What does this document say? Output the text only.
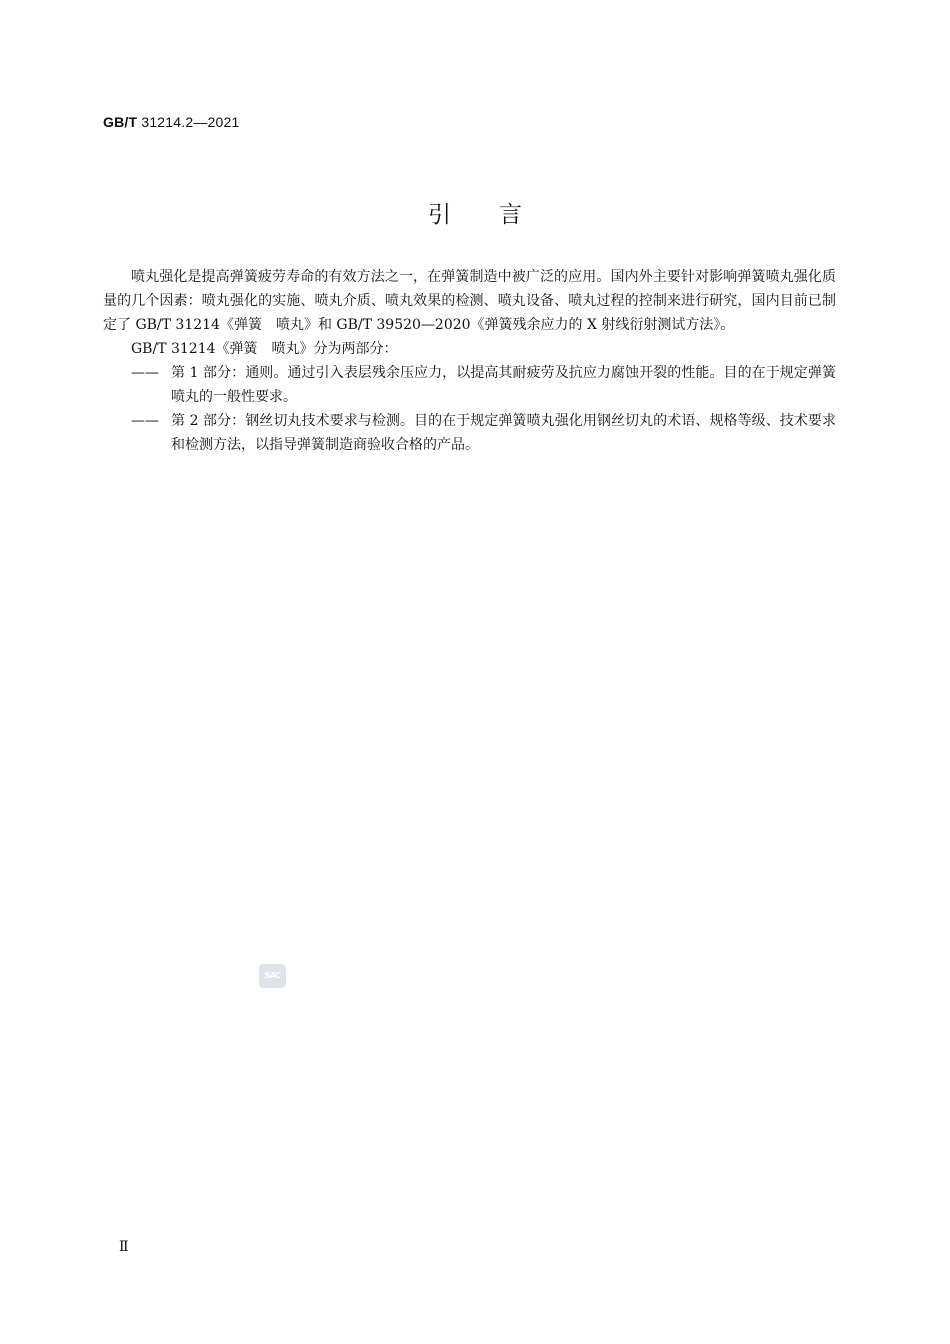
GB/T 31214.2—2021
引言

喷丸强化是提高弹簧疲劳寿命的有效方法之一，在弹簧制造中被广泛的应用。国内外主要针对影响弹簧喷丸强化质量的几个因素：喷丸强化的实施、喷丸介质、喷丸效果的检测、喷丸设备、喷丸过程的控制来进行研究，国内目前已制定了 GB/T 31214《弹簧　喷丸》和 GB/T 39520—2020《弹簧残余应力的 X 射线衍射测试方法》。

GB/T 31214《弹簧　喷丸》分为两部分：

—— 第 1 部分：通则。通过引入表层残余压应力，以提高其耐疲劳及抗应力腐蚀开裂的性能。目的在于规定弹簧喷丸的一般性要求。
—— 第 2 部分：钢丝切丸技术要求与检测。目的在于规定弹簧喷丸强化用钢丝切丸的术语、规格等级、技术要求和检测方法，以指导弹簧制造商验收合格的产品。
SAC
Ⅱ
